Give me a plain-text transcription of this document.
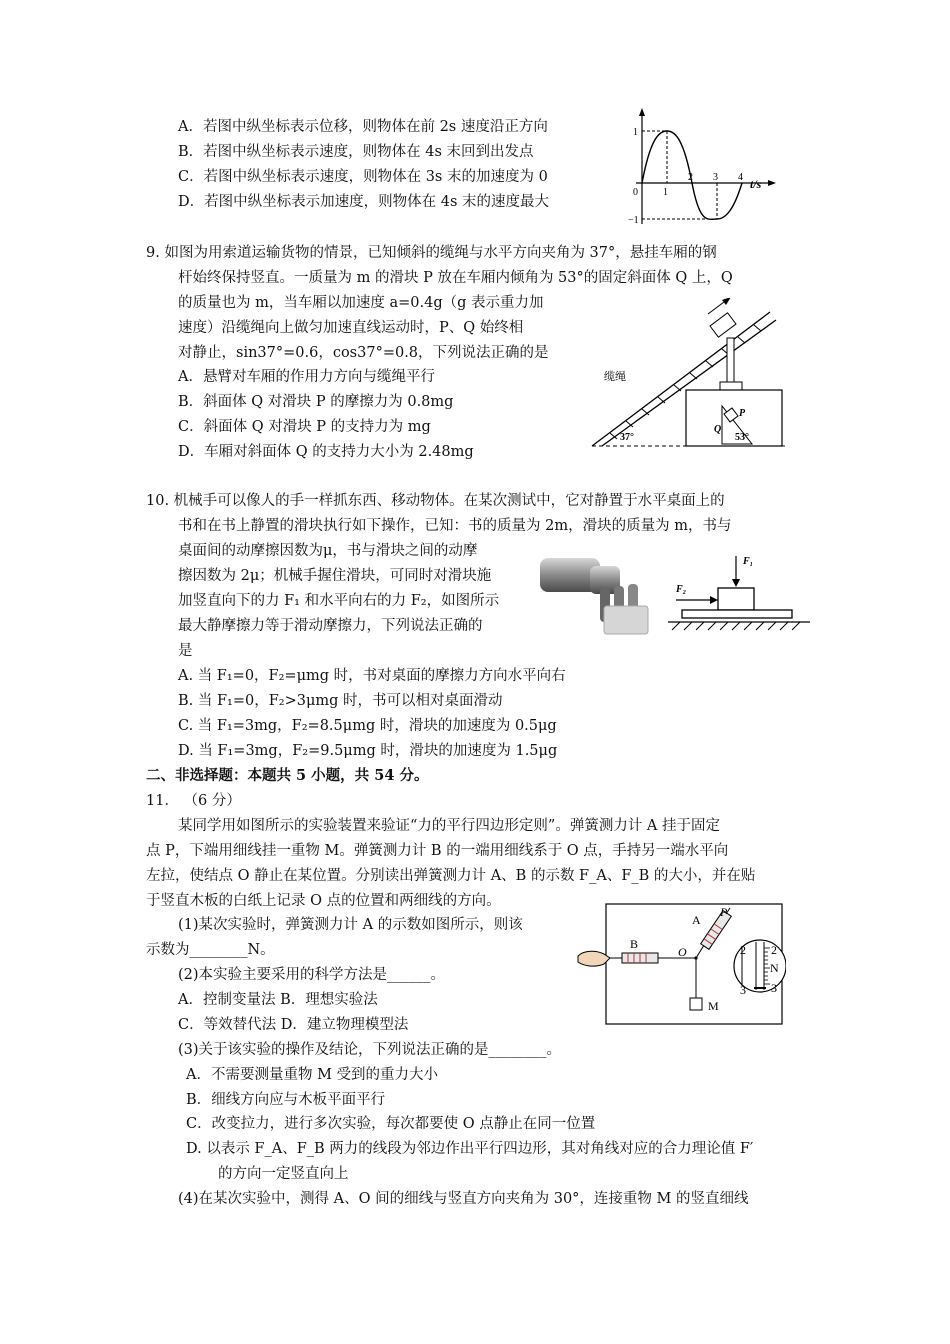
A．若图中纵坐标表示位移，则物体在前 2s 速度沿正方向
B．若图中纵坐标表示速度，则物体在 4s 末回到出发点
C．若图中纵坐标表示速度，则物体在 3s 末的加速度为 0
D．若图中纵坐标表示加速度，则物体在 4s 末的速度最大
1
−1
0	1
2 3 4 t/s
9. 如图为用索道运输货物的情景，已知倾斜的缆绳与水平方向夹角为 37°，悬挂车厢的钢
杆始终保持竖直。一质量为 m 的滑块 P 放在车厢内倾角为 53°的固定斜面体 Q 上，Q
的质量也为 m，当车厢以加速度 a=0.4g（g 表示重力加
速度）沿缆绳向上做匀加速直线运动时，P、Q 始终相
对静止，sin37°=0.6，cos37°=0.8，下列说法正确的是
A．悬臂对车厢的作用力方向与缆绳平行
B．斜面体 Q 对滑块 P 的摩擦力为 0.8mg
C．斜面体 Q 对滑块 P 的支持力为 mg
D．车厢对斜面体 Q 的支持力大小为 2.48mg
缆绳
37°	53°
P
Q
10. 机械手可以像人的手一样抓东西、移动物体。在某次测试中，它对静置于水平桌面上的
书和在书上静置的滑块执行如下操作，已知：书的质量为 2m，滑块的质量为 m，书与
桌面间的动摩擦因数为μ，书与滑块之间的动摩
擦因数为 2μ；机械手握住滑块，可同时对滑块施
加竖直向下的力 F₁ 和水平向右的力 F₂，如图所示
最大静摩擦力等于滑动摩擦力，下列说法正确的
是
A. 当 F₁=0，F₂=μmg 时，书对桌面的摩擦力方向水平向右
B. 当 F₁=0，F₂>3μmg 时，书可以相对桌面滑动
C. 当 F₁=3mg，F₂=8.5μmg 时，滑块的加速度为 0.5μg
D. 当 F₁=3mg，F₂=9.5μmg 时，滑块的加速度为 1.5μg
F₁
F₂
二、非选择题：本题共 5 小题，共 54 分。
11． （6 分）
某同学用如图所示的实验装置来验证“力的平行四边形定则”。弹簧测力计 A 挂于固定
点 P，下端用细线挂一重物 M。弹簧测力计 B 的一端用细线系于 O 点，手持另一端水平向
左拉，使结点 O 静止在某位置。分别读出弹簧测力计 A、B 的示数 F_A、F_B 的大小，并在贴
于竖直木板的白纸上记录 O 点的位置和两细线的方向。
(1)某次实验时，弹簧测力计 A 的示数如图所示，则该
示数为________N。
(2)本实验主要采用的科学方法是______。
A．控制变量法 B．理想实验法
C．等效替代法 D．建立物理模型法
(3)关于该实验的操作及结论，下列说法正确的是________。
A．不需要测量重物 M 受到的重力大小
B．细线方向应与木板平面平行
C．改变拉力，进行多次实验，每次都要使 O 点静止在同一位置
D. 以表示 F_A、F_B 两力的线段为邻边作出平行四边形，其对角线对应的合力理论值 F′
的方向一定竖直向上
(4)在某次实验中，测得 A、O 间的细线与竖直方向夹角为 30°，连接重物 M 的竖直细线
B
O
M
A
P
2
3
2
N
3
